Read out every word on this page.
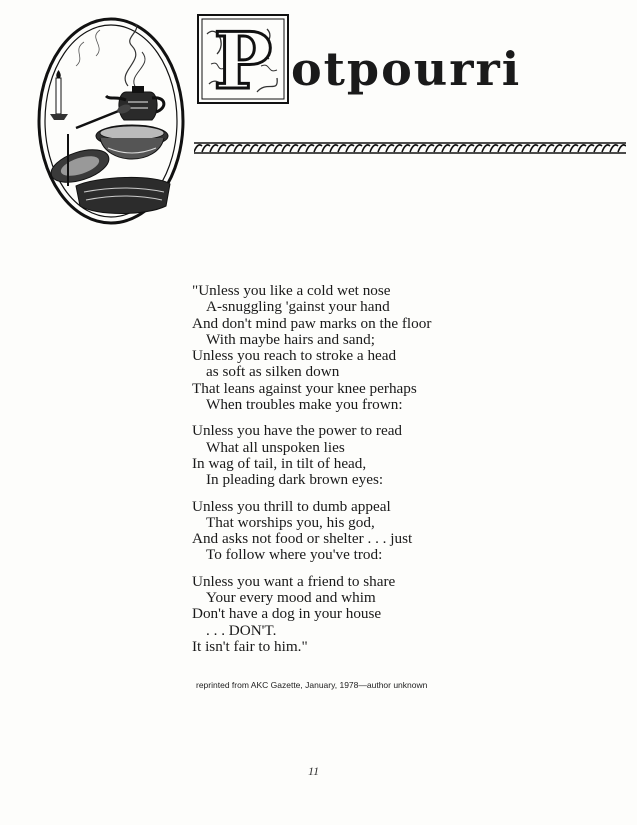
P otpourri
"Unless you like a cold wet nose
A-snuggling 'gainst your hand
And don't mind paw marks on the floor
With maybe hairs and sand;
Unless you reach to stroke a head
as soft as silken down
That leans against your knee perhaps
When troubles make you frown:
Unless you have the power to read
What all unspoken lies
In wag of tail, in tilt of head,
In pleading dark brown eyes:
Unless you thrill to dumb appeal
That worships you, his god,
And asks not food or shelter . . . just
To follow where you've trod:
Unless you want a friend to share
Your every mood and whim
Don't have a dog in your house
. . . DON'T.
It isn't fair to him."
reprinted from AKC Gazette, January, 1978—author unknown
11
